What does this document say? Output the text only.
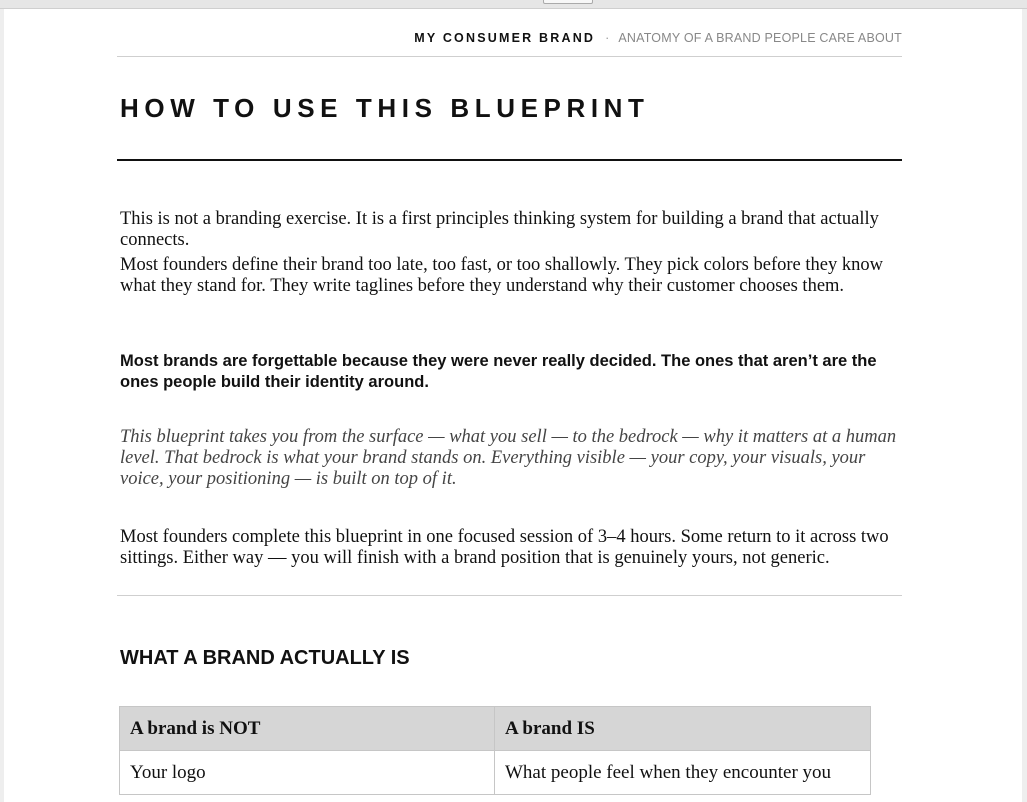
MY CONSUMER BRAND · ANATOMY OF A BRAND PEOPLE CARE ABOUT
HOW TO USE THIS BLUEPRINT

This is not a branding exercise. It is a first principles thinking system for building a brand that actually connects.

Most founders define their brand too late, too fast, or too shallowly. They pick colors before they know what they stand for. They write taglines before they understand why their customer chooses them.

Most brands are forgettable because they were never really decided. The ones that aren’t are the ones people build their identity around.

This blueprint takes you from the surface — what you sell — to the bedrock — why it matters at a human level. That bedrock is what your brand stands on. Everything visible — your copy, your visuals, your voice, your positioning — is built on top of it.

Most founders complete this blueprint in one focused session of 3–4 hours. Some return to it across two sittings. Either way — you will finish with a brand position that is genuinely yours, not generic.

WHAT A BRAND ACTUALLY IS
A brand is NOT	A brand IS
Your logo	What people feel when they encounter you
